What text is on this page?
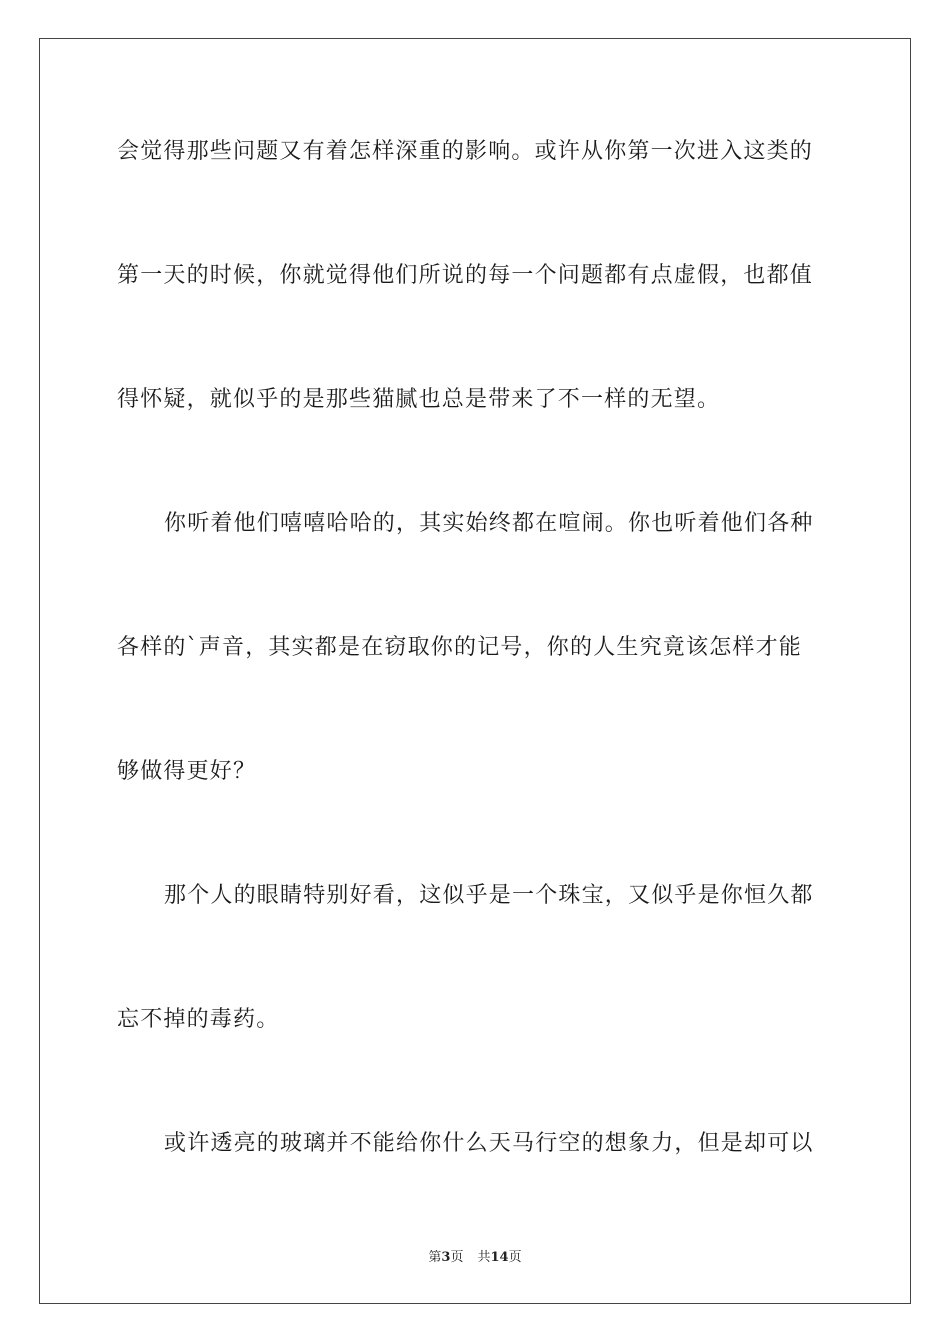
会觉得那些问题又有着怎样深重的影响。或许从你第一次进入这类的
第一天的时候，你就觉得他们所说的每一个问题都有点虚假，也都值
得怀疑，就似乎的是那些猫腻也总是带来了不一样的无望。
你听着他们嘻嘻哈哈的，其实始终都在喧闹。你也听着他们各种
各样的`声音，其实都是在窃取你的记号，你的人生究竟该怎样才能
够做得更好？
那个人的眼睛特别好看，这似乎是一个珠宝，又似乎是你恒久都
忘不掉的毒药。
或许透亮的玻璃并不能给你什么天马行空的想象力，但是却可以
第3页 共14页
